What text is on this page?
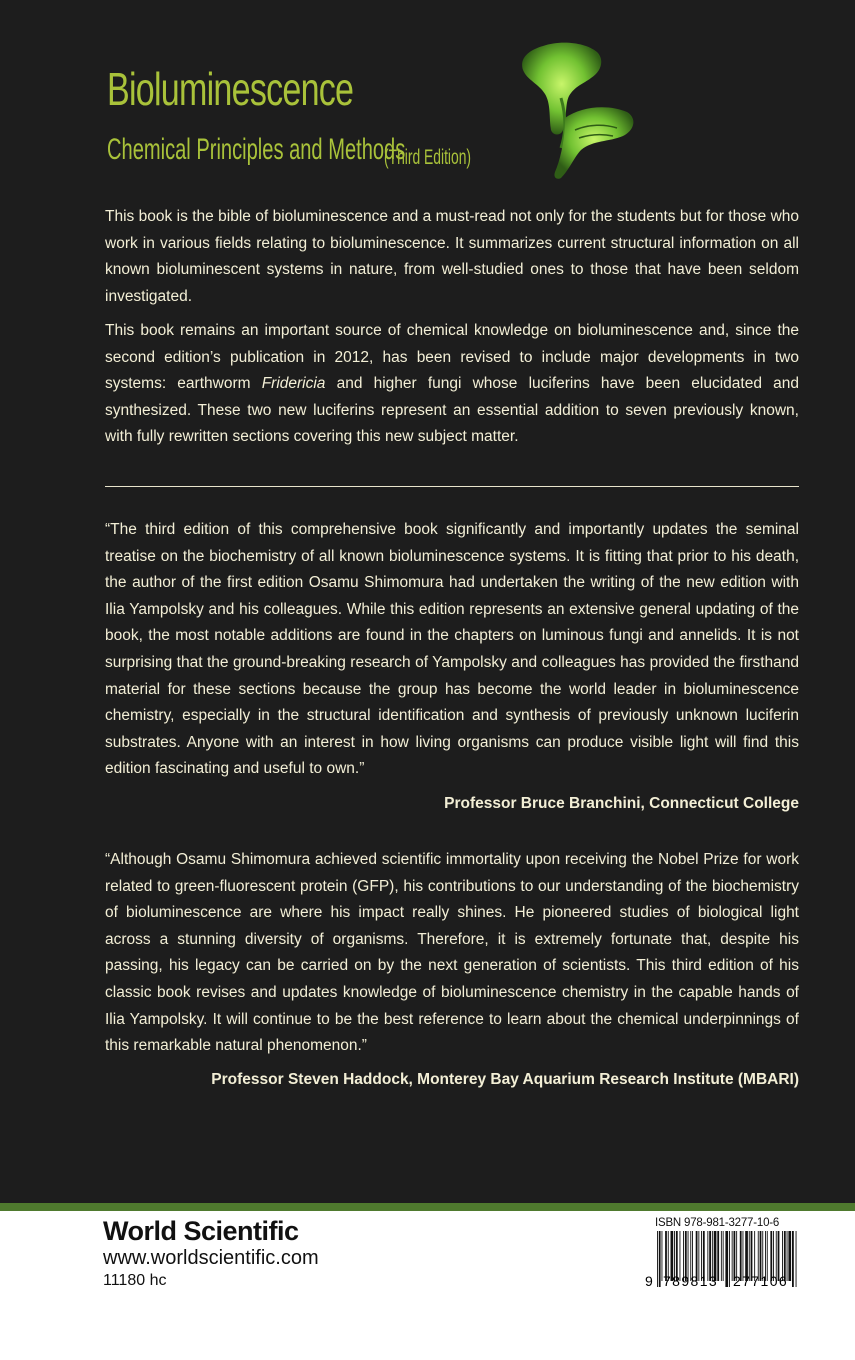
Bioluminescence
Chemical Principles and Methods
(Third Edition)

This book is the bible of bioluminescence and a must-read not only for the students but for those who work in various fields relating to bioluminescence. It summarizes current structural information on all known bioluminescent systems in nature, from well-studied ones to those that have been seldom investigated.

This book remains an important source of chemical knowledge on bioluminescence and, since the second edition’s publication in 2012, has been revised to include major developments in two systems: earthworm Fridericia and higher fungi whose luciferins have been elucidated and synthesized. These two new luciferins represent an essential addition to seven previously known, with fully rewritten sections covering this new subject matter.

“The third edition of this comprehensive book significantly and importantly updates the seminal treatise on the biochemistry of all known bioluminescence systems. It is fitting that prior to his death, the author of the first edition Osamu Shimomura had undertaken the writing of the new edition with Ilia Yampolsky and his colleagues. While this edition represents an extensive general updating of the book, the most notable additions are found in the chapters on luminous fungi and annelids. It is not surprising that the ground-breaking research of Yampolsky and colleagues has provided the firsthand material for these sections because the group has become the world leader in bioluminescence chemistry, especially in the structural identification and synthesis of previously unknown luciferin substrates. Anyone with an interest in how living organisms can produce visible light will find this edition fascinating and useful to own.”

Professor Bruce Branchini, Connecticut College

“Although Osamu Shimomura achieved scientific immortality upon receiving the Nobel Prize for work related to green-fluorescent protein (GFP), his contributions to our understanding of the biochemistry of bioluminescence are where his impact really shines. He pioneered studies of biological light across a stunning diversity of organisms. Therefore, it is extremely fortunate that, despite his passing, his legacy can be carried on by the next generation of scientists. This third edition of his classic book revises and updates knowledge of bioluminescence chemistry in the capable hands of Ilia Yampolsky. It will continue to be the best reference to learn about the chemical underpinnings of this remarkable natural phenomenon.”

Professor Steven Haddock, Monterey Bay Aquarium Research Institute (MBARI)

World Scientific
www.worldscientific.com
11180 hc
ISBN 978-981-3277-10-6
9 789813 277106
